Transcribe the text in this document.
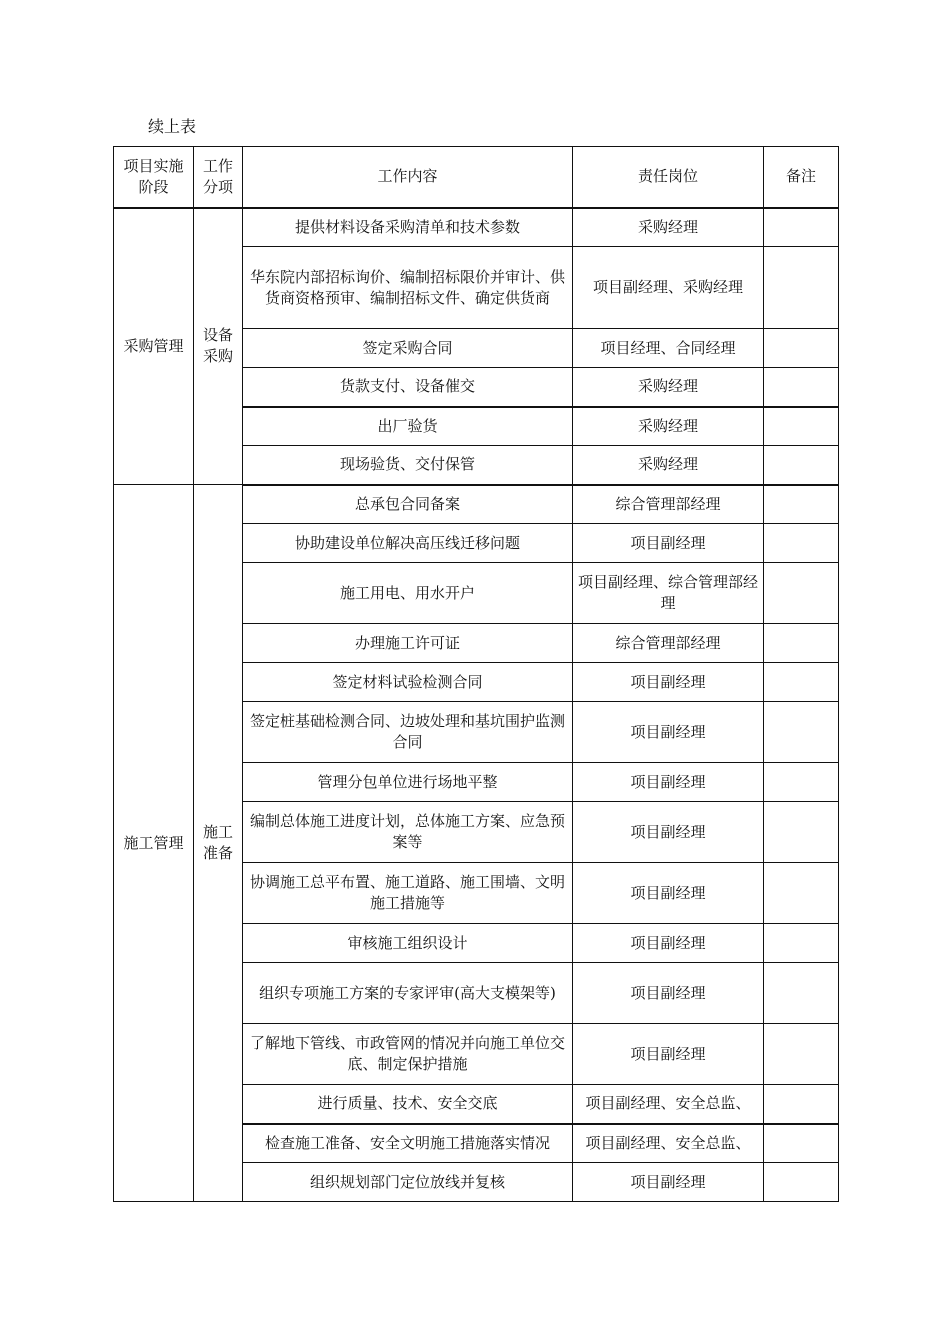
续上表
项目实施阶段	工作分项	工作内容	责任岗位	备注
采购管理	设备采购	提供材料设备采购清单和技术参数	采购经理	
		华东院内部招标询价、编制招标限价并审计、供货商资格预审、编制招标文件、确定供货商	项目副经理、采购经理	
		签定采购合同	项目经理、合同经理	
		货款支付、设备催交	采购经理	
		出厂验货	采购经理	
		现场验货、交付保管	采购经理	
施工管理	施工准备	总承包合同备案	综合管理部经理	
		协助建设单位解决高压线迁移问题	项目副经理	
		施工用电、用水开户	项目副经理、综合管理部经理	
		办理施工许可证	综合管理部经理	
		签定材料试验检测合同	项目副经理	
		签定桩基础检测合同、边坡处理和基坑围护监测合同	项目副经理	
		管理分包单位进行场地平整	项目副经理	
		编制总体施工进度计划，总体施工方案、应急预案等	项目副经理	
		协调施工总平布置、施工道路、施工围墙、文明施工措施等	项目副经理	
		审核施工组织设计	项目副经理	
		组织专项施工方案的专家评审(高大支模架等)	项目副经理	
		了解地下管线、市政管网的情况并向施工单位交底、制定保护措施	项目副经理	
		进行质量、技术、安全交底	项目副经理、安全总监、	
		检查施工准备、安全文明施工措施落实情况	项目副经理、安全总监、	
		组织规划部门定位放线并复核	项目副经理	
